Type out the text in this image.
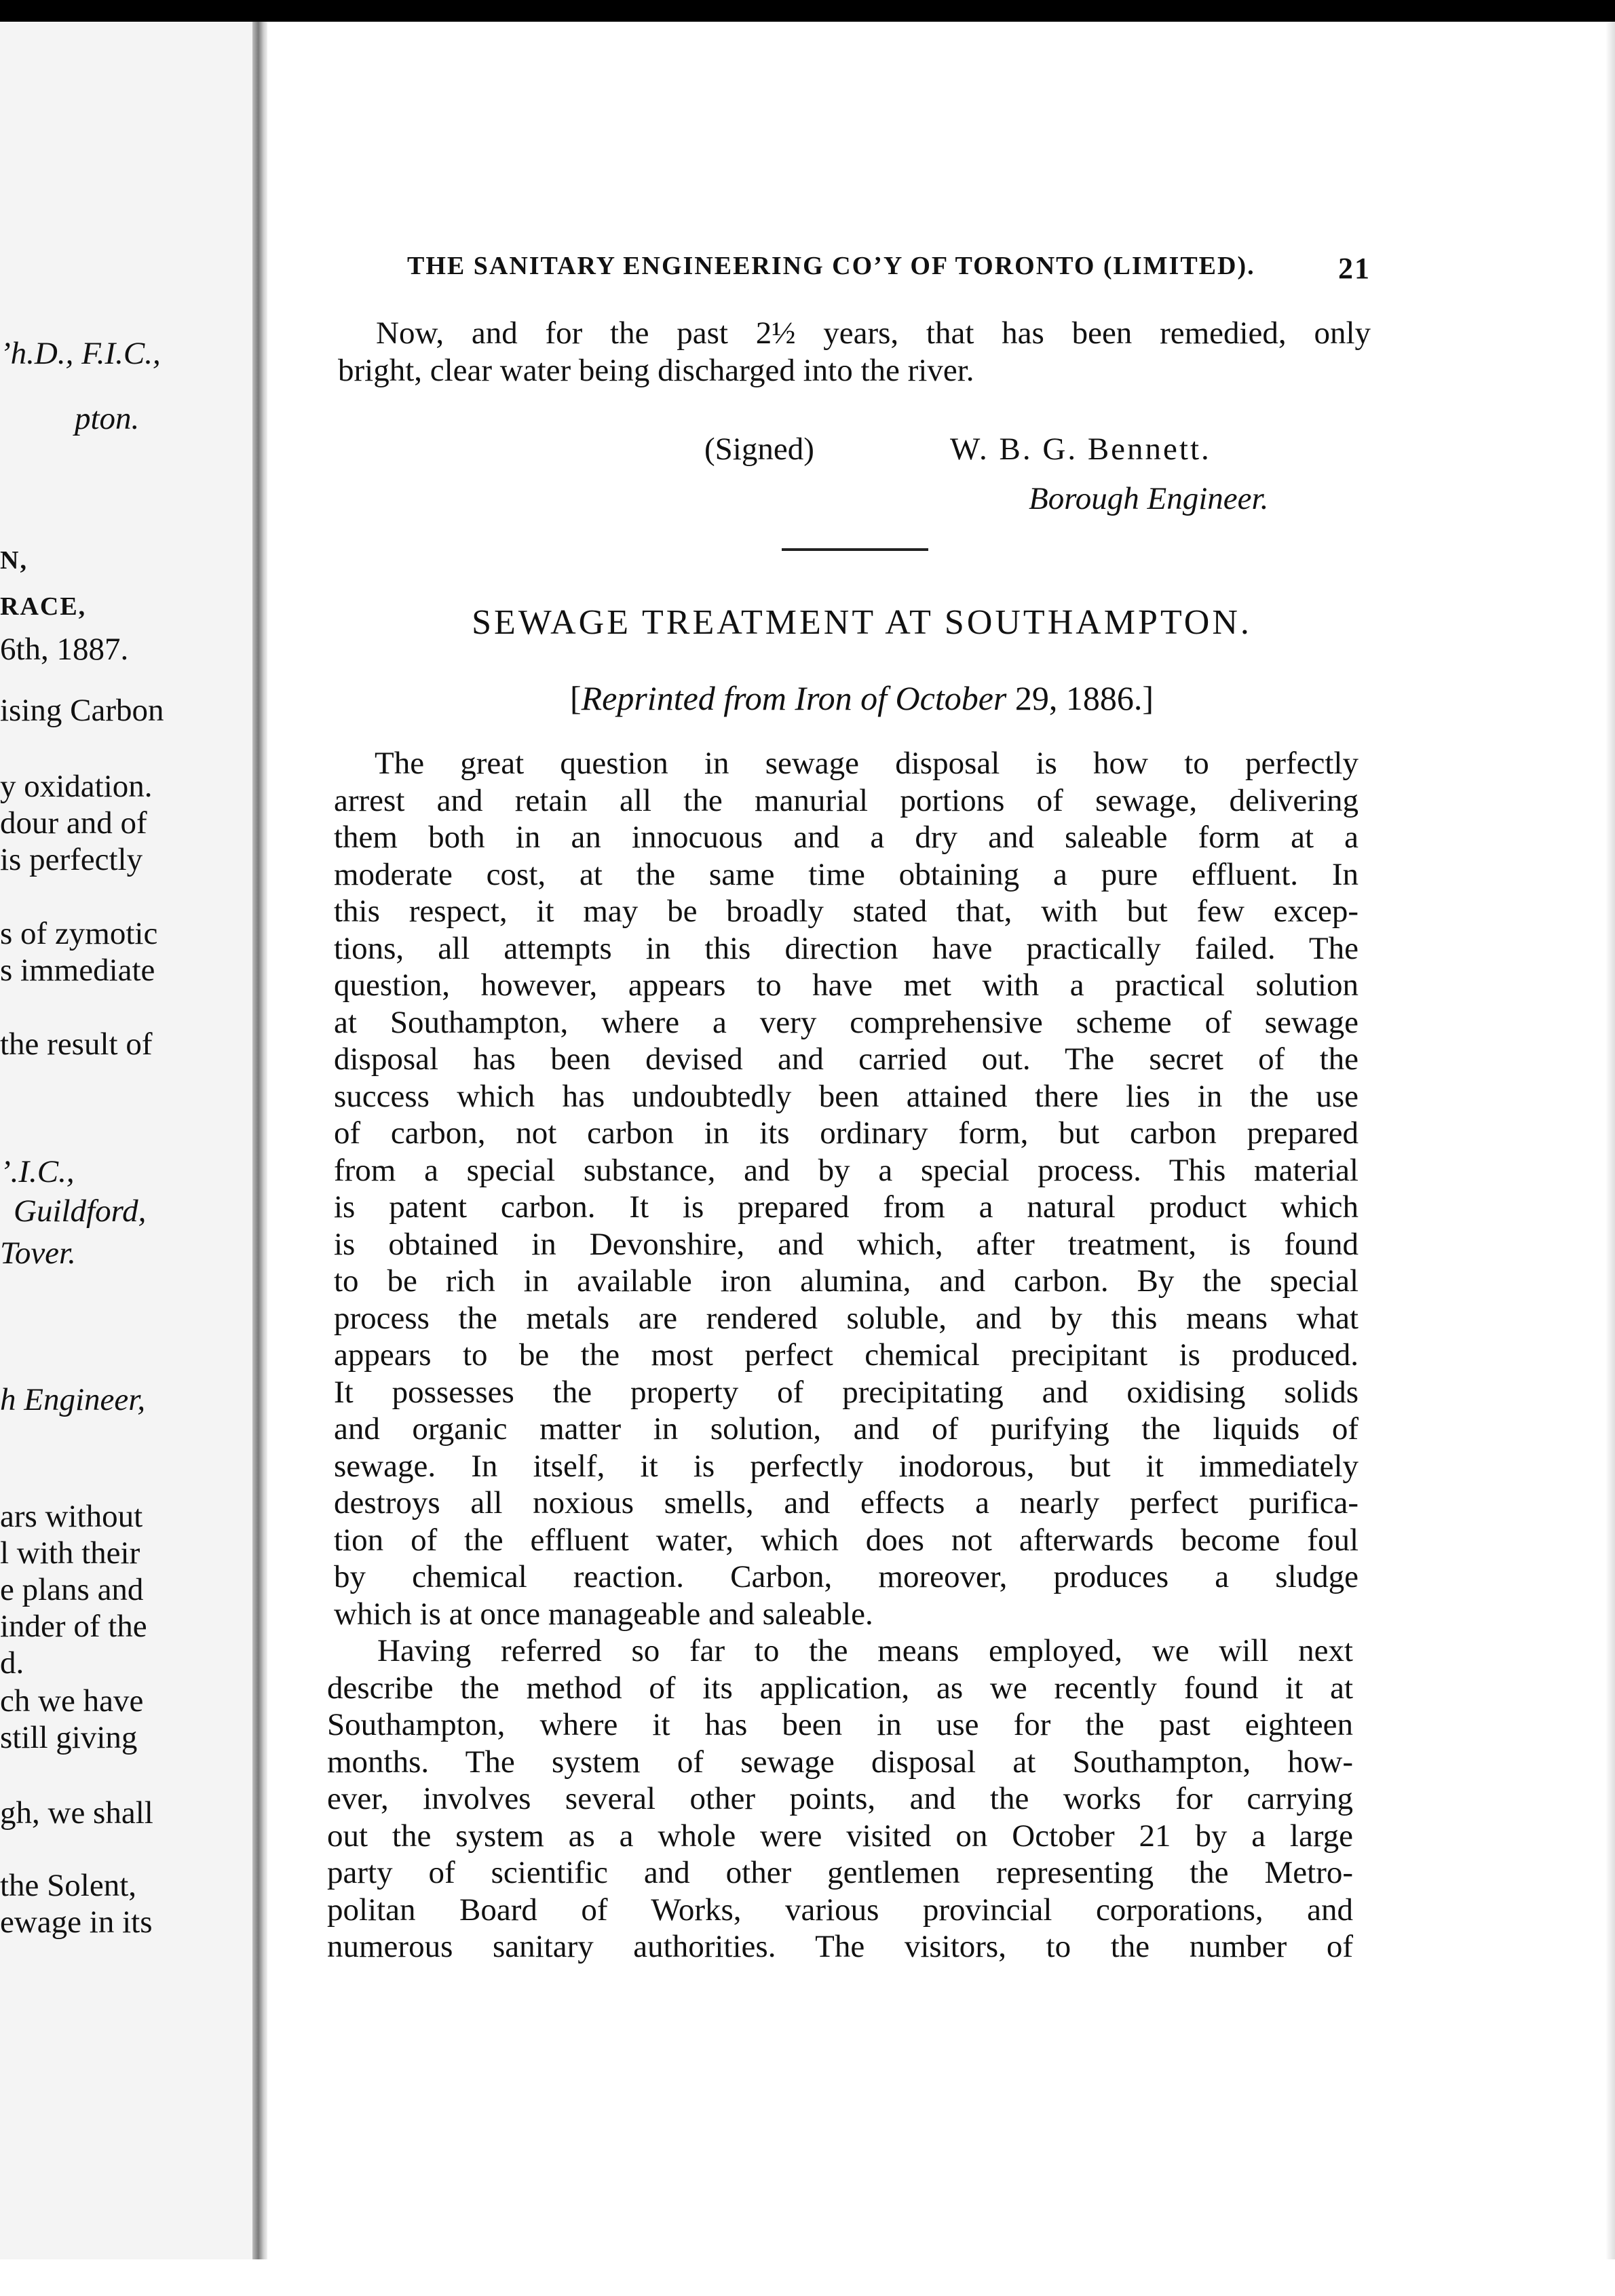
’h.D., F.I.C.,
pton.
N,
RACE,
6th, 1887.
ising Carbon
y oxidation.
dour and of
is perfectly
s of zymotic
s immediate
the result of
’.I.C.,
Guildford,
Tover.
h Engineer,
ars without
l with their
e plans and
inder of the
d.
ch we have
still giving
gh, we shall
the Solent,
ewage in its
THE SANITARY ENGINEERING CO’Y OF TORONTO (LIMITED).	21
Now, and for the past 2½ years, that has been remedied, only
bright, clear water being discharged into the river.
(Signed)	W. B. G. Bennett.
Borough Engineer.
SEWAGE TREATMENT AT SOUTHAMPTON.
[Reprinted from Iron of October 29, 1886.]
The great question in sewage disposal is how to perfectly
arrest and retain all the manurial portions of sewage, delivering
them both in an innocuous and a dry and saleable form at a
moderate cost, at the same time obtaining a pure effluent. In
this respect, it may be broadly stated that, with but few excep-
tions, all attempts in this direction have practically failed. The
question, however, appears to have met with a practical solution
at Southampton, where a very comprehensive scheme of sewage
disposal has been devised and carried out. The secret of the
success which has undoubtedly been attained there lies in the use
of carbon, not carbon in its ordinary form, but carbon prepared
from a special substance, and by a special process. This material
is patent carbon. It is prepared from a natural product which
is obtained in Devonshire, and which, after treatment, is found
to be rich in available iron alumina, and carbon. By the special
process the metals are rendered soluble, and by this means what
appears to be the most perfect chemical precipitant is produced.
It possesses the property of precipitating and oxidising solids
and organic matter in solution, and of purifying the liquids of
sewage. In itself, it is perfectly inodorous, but it immediately
destroys all noxious smells, and effects a nearly perfect purifica-
tion of the effluent water, which does not afterwards become foul
by chemical reaction. Carbon, moreover, produces a sludge
which is at once manageable and saleable.
Having referred so far to the means employed, we will next
describe the method of its application, as we recently found it at
Southampton, where it has been in use for the past eighteen
months. The system of sewage disposal at Southampton, how-
ever, involves several other points, and the works for carrying
out the system as a whole were visited on October 21 by a large
party of scientific and other gentlemen representing the Metro-
politan Board of Works, various provincial corporations, and
numerous sanitary authorities. The visitors, to the number of
